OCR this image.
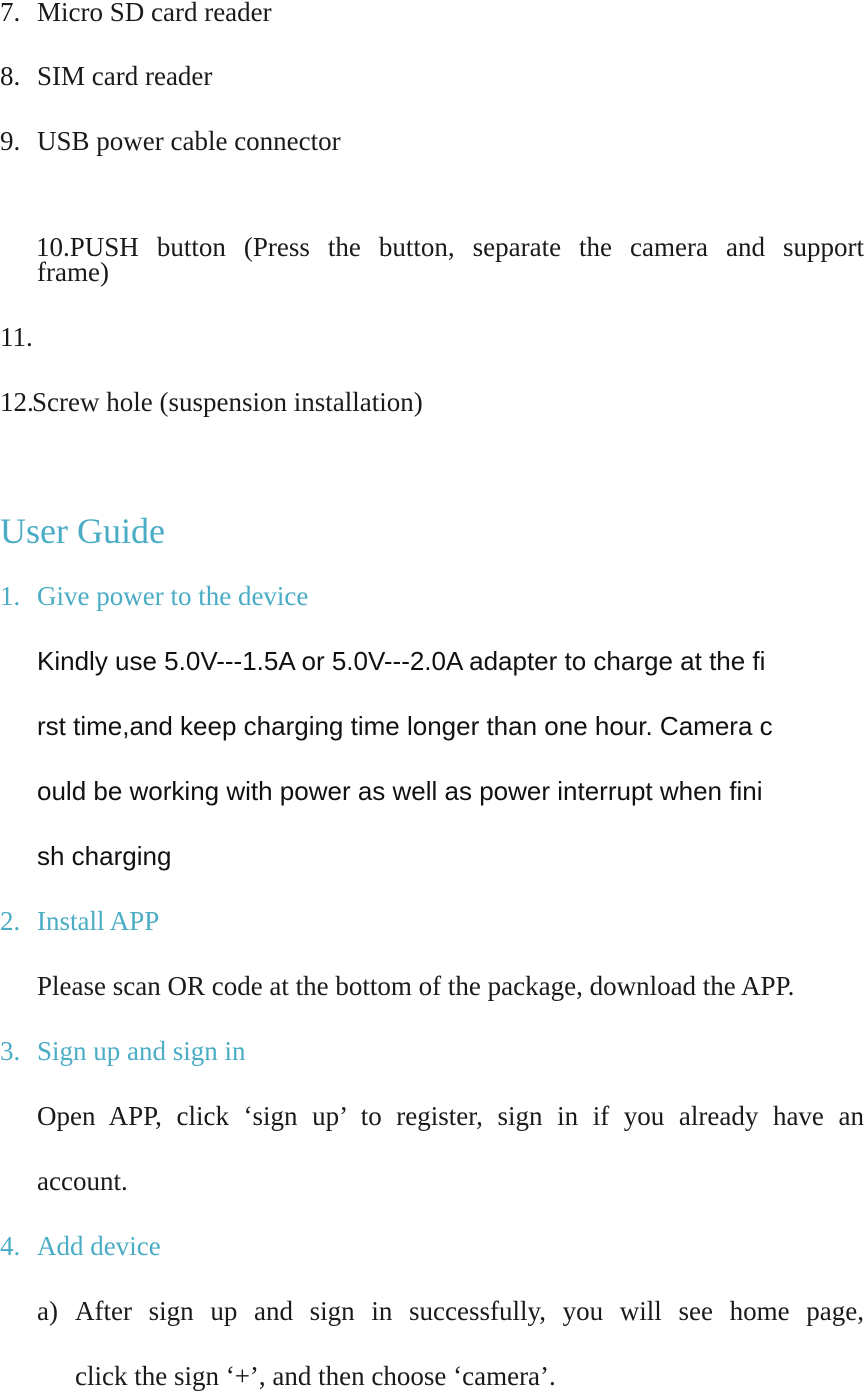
7. Micro SD card reader
8. SIM card reader
9. USB power cable connector

10.PUSH  button  (Press  the  button,  separate  the  camera  and  support

frame)
11.
12.
Screw hole (suspension installation)
User Guide
1. Give power to the device
Kindly use 5.0V---1.5A or 5.0V---2.0A adapter to charge at the fi
rst time,and keep charging time longer than one hour. Camera c
ould be working with power as well as power interrupt when fini
sh charging
2. Install APP
Please scan OR code at the bottom of the package, download the APP.
3. Sign up and sign in
Open APP, click ‘sign up’ to register, sign in if you already have an
account.
4. Add device
a) After sign up and sign in successfully, you will see home page,
click the sign ‘+’, and then choose ‘camera’.
